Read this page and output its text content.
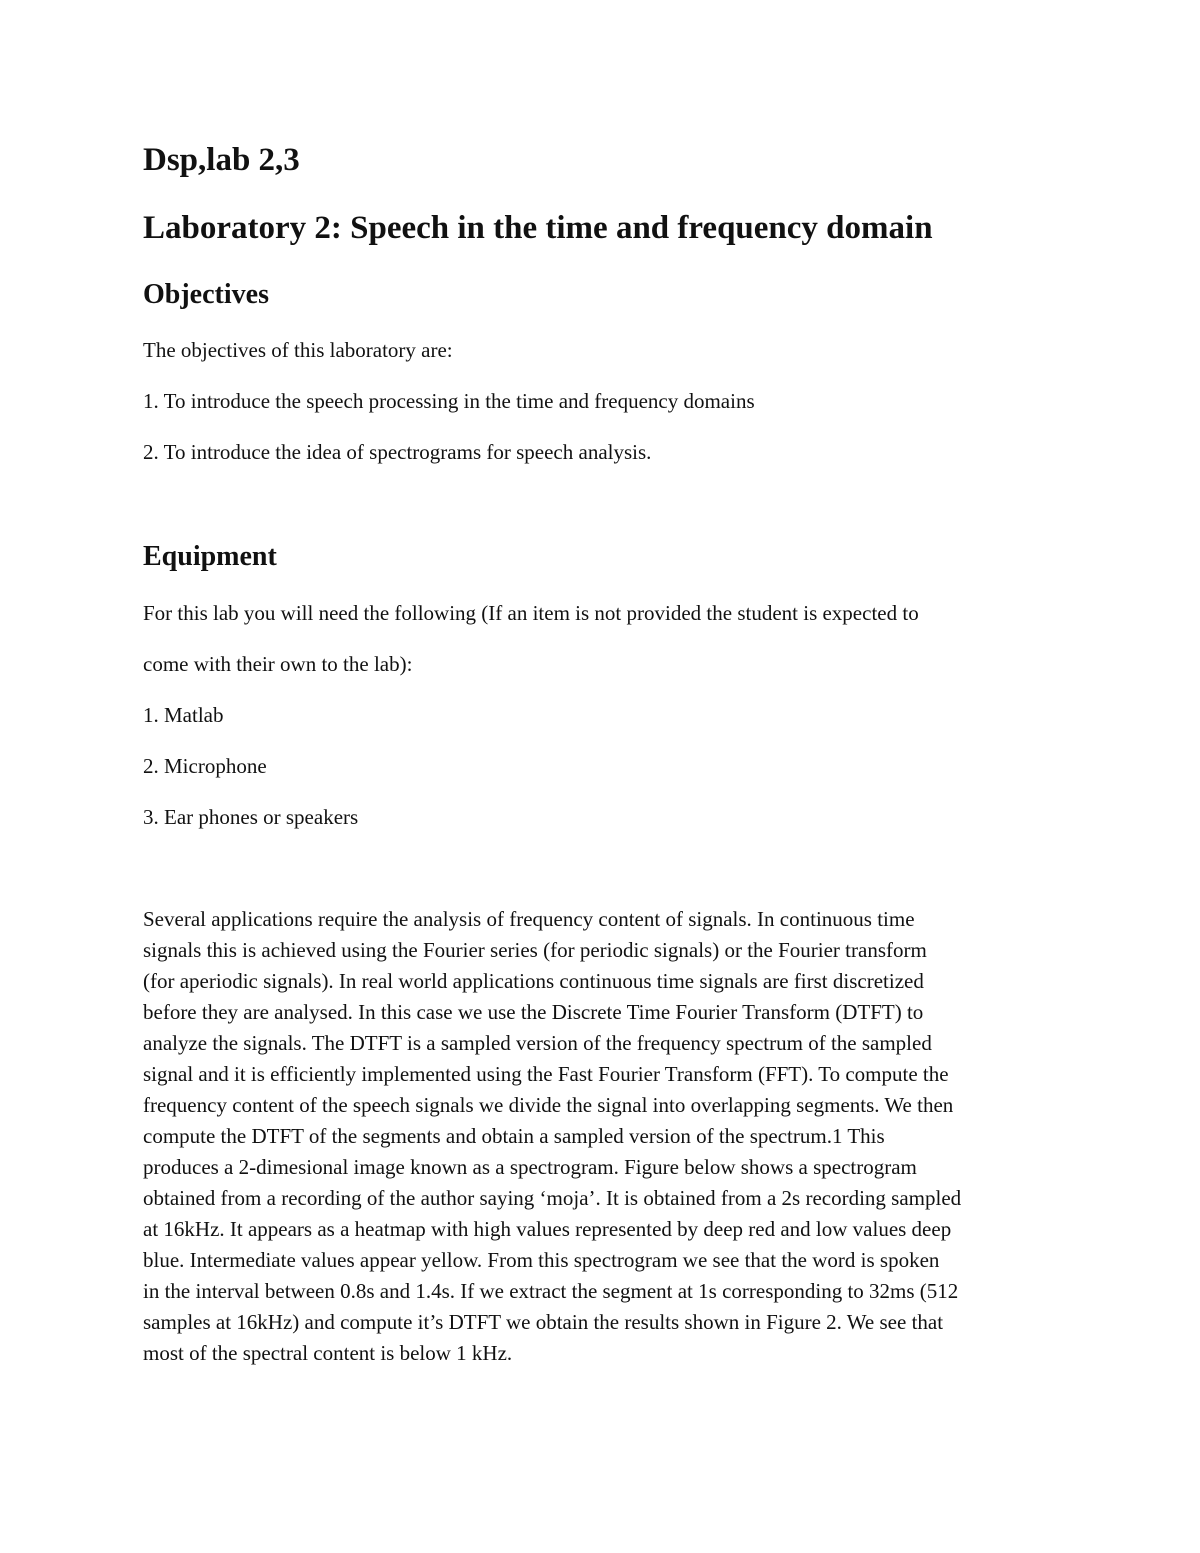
Dsp,lab 2,3
Laboratory 2: Speech in the time and frequency domain
Objectives

The objectives of this laboratory are:

1. To introduce the speech processing in the time and frequency domains

2. To introduce the idea of spectrograms for speech analysis.

Equipment

For this lab you will need the following (If an item is not provided the student is expected to

come with their own to the lab):

1. Matlab

2. Microphone

3. Ear phones or speakers

Several applications require the analysis of frequency content of signals. In continuous time
signals this is achieved using the Fourier series (for periodic signals) or the Fourier transform
(for aperiodic signals). In real world applications continuous time signals are first discretized
before they are analysed. In this case we use the Discrete Time Fourier Transform (DTFT) to
analyze the signals. The DTFT is a sampled version of the frequency spectrum of the sampled
signal and it is efficiently implemented using the Fast Fourier Transform (FFT). To compute the
frequency content of the speech signals we divide the signal into overlapping segments. We then
compute the DTFT of the segments and obtain a sampled version of the spectrum.1 This
produces a 2-dimesional image known as a spectrogram. Figure below shows a spectrogram
obtained from a recording of the author saying ‘moja’. It is obtained from a 2s recording sampled
at 16kHz. It appears as a heatmap with high values represented by deep red and low values deep
blue. Intermediate values appear yellow. From this spectrogram we see that the word is spoken
in the interval between 0.8s and 1.4s. If we extract the segment at 1s corresponding to 32ms (512
samples at 16kHz) and compute it’s DTFT we obtain the results shown in Figure 2. We see that
most of the spectral content is below 1 kHz.
